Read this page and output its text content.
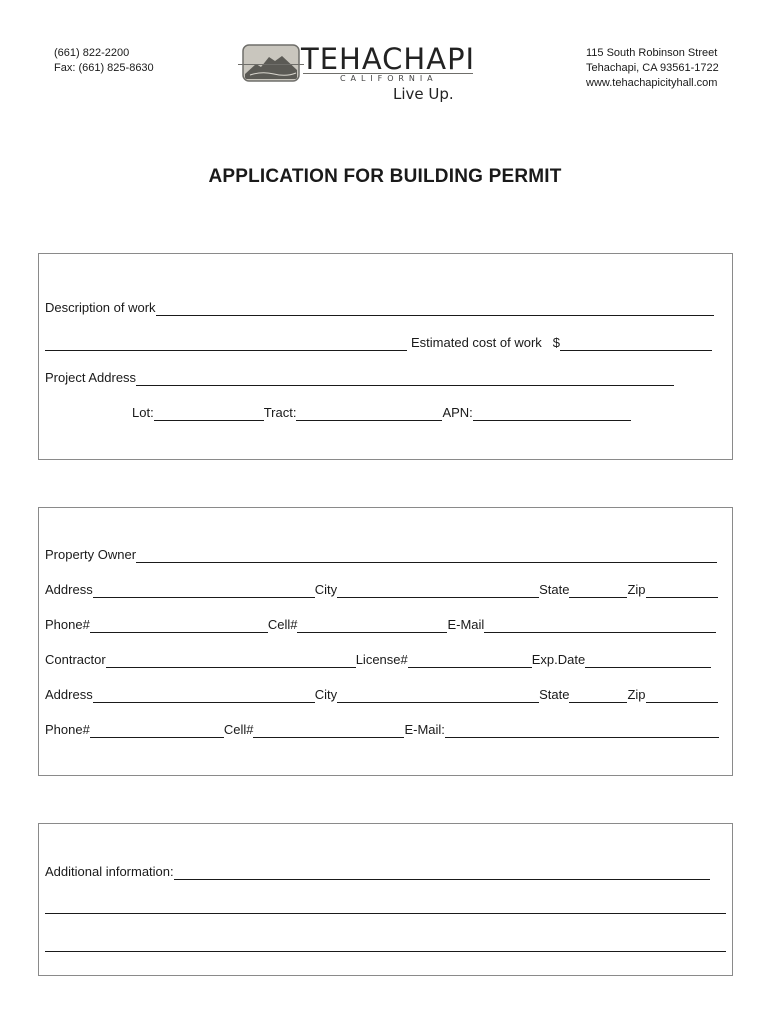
(661) 822-2200
Fax: (661) 825-8630
115 South Robinson Street
Tehachapi, CA 93561-1722
www.tehachapicityhall.com
TEHACHAPI
C A L I F O R N I A
Live Up.
APPLICATION FOR BUILDING PERMIT
Description of work
Estimated cost of work $
Project Address
Lot:	Tract:	APN:
Property Owner
Address	City	State	Zip
Phone#	Cell#	E-Mail
Contractor	License#	Exp.Date
Address	City	State	Zip
Phone#	Cell#	E-Mail:
Additional information:
